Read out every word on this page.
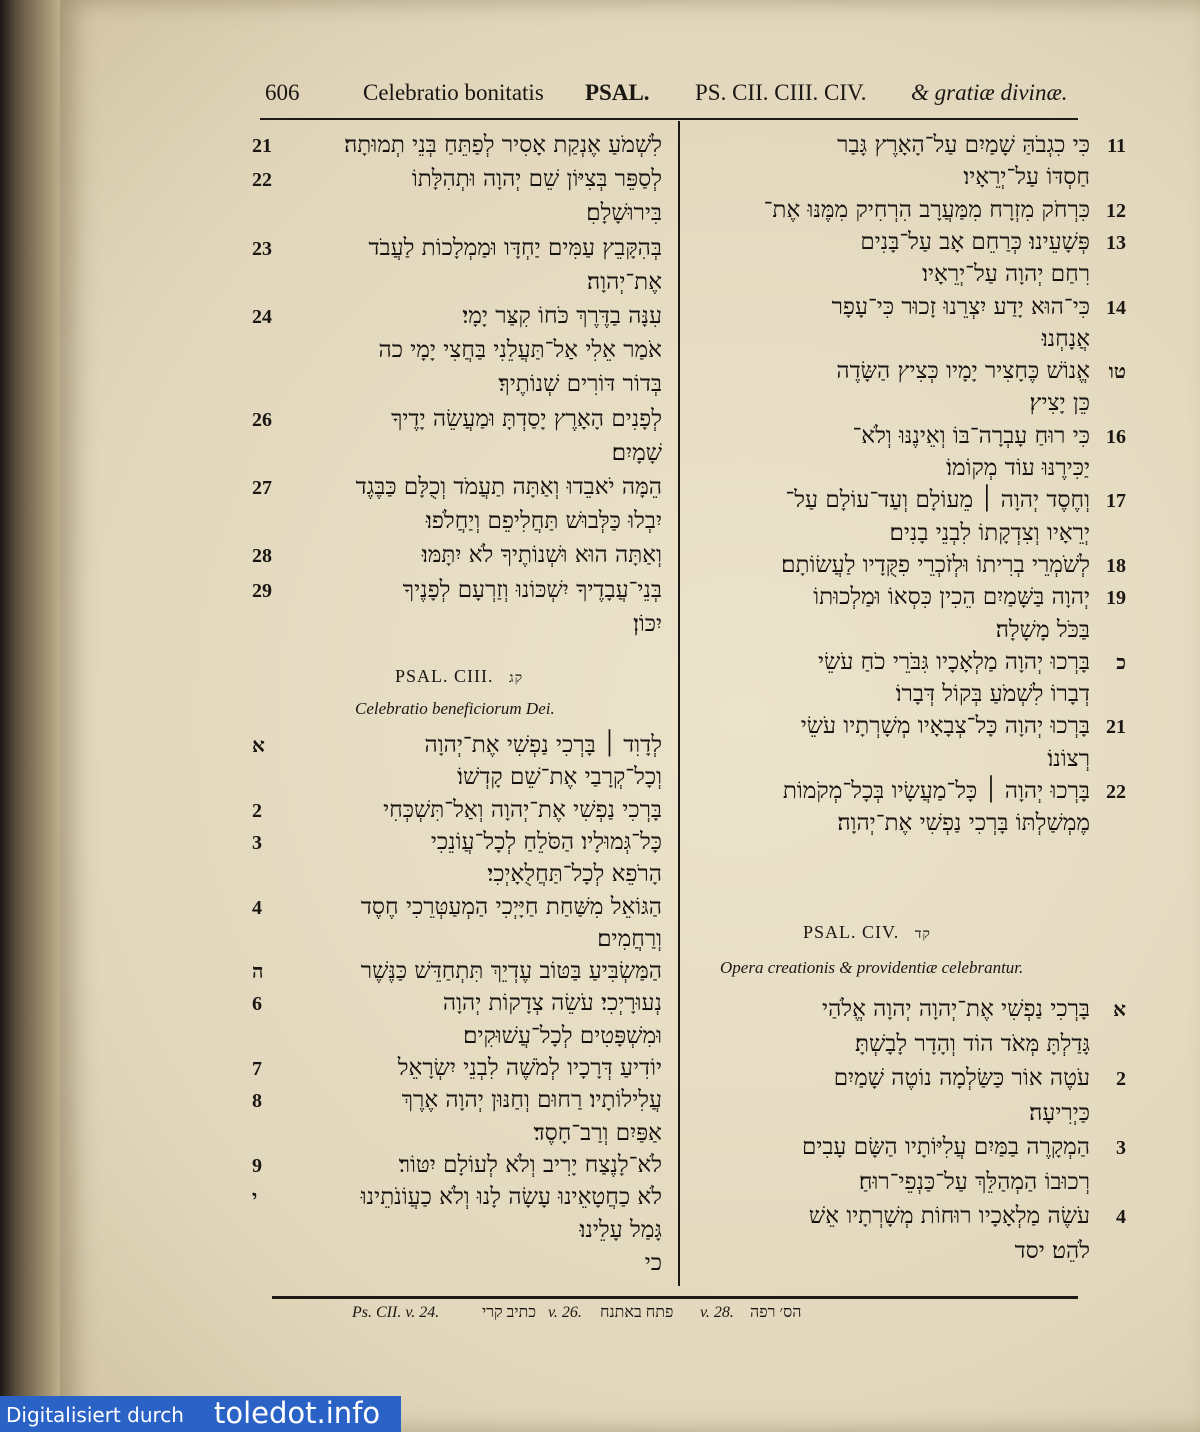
606	Celebratio bonitatis PSAL. PS. CII. CIII. CIV. & gratiæ divinæ.
לִשְׁמֹעַ אֶנְקַת אָסִיר לְפַתֵּחַ בְּנֵי תְמוּתָה׃
21
לְסַפֵּר בְּצִיּוֹן שֵׁם יְהוָה וּתְהִלָּתוֹ
22
בִּירוּשָׁלָםִ׃
בְּהִקָּבֵץ עַמִּים יַחְדָּו וּמַמְלָכוֹת לַעֲבֹד
23
אֶת־יְהוָה׃
עִנָּה בַדֶּרֶךְ כֹּחוֹ קִצַּר יָמָי׃
24
אֹמַר אֵלִי אַל־תַּעֲלֵנִי בַּחֲצִי יָמָי כה
בְּדוֹר דּוֹרִים שְׁנוֹתֶיךָ׃
לְפָנִים הָאָרֶץ יָסַדְתָּ וּמַעֲשֵׂה יָדֶיךָ
26
שָׁמָיִם׃
הֵמָּה יֹאבֵדוּ וְאַתָּה תַעֲמֹד וְכֻלָּם כַּבֶּגֶד
27
יִבְלוּ כַּלְּבוּשׁ תַּחֲלִיפֵם וְיַחֲלֹפוּ׃
וְאַתָּה הוּא וּשְׁנוֹתֶיךָ לֹא יִתָּמּוּ׃
28
בְּנֵי־עֲבָדֶיךָ יִשְׁכּוֹנוּ וְזַרְעָם לְפָנֶיךָ
29
יִכּוֹן׃
PSAL. CIII. קג
Celebratio beneficiorum Dei.
לְדָוִד ׀ בָּרְכִי נַפְשִׁי אֶת־יְהוָה
א
וְכָל־קְרָבַי אֶת־שֵׁם קָדְשׁוֹ׃
בָּרְכִי נַפְשִׁי אֶת־יְהוָה וְאַל־תִּשְׁכְּחִי
2
כָּל־גְּמוּלָיו׃ הַסֹּלֵחַ לְכָל־עֲוֹנֵכִי
3
הָרֹפֵא לְכָל־תַּחֲלֻאָיְכִי׃
הַגּוֹאֵל מִשַּׁחַת חַיָּיְכִי הַמְעַטְּרֵכִי חֶסֶד
4
וְרַחֲמִים׃
הַמַּשְׂבִּיעַ בַּטּוֹב עֶדְיֵךְ תִּתְחַדֵּשׁ כַּנֶּשֶׁר
ה
נְעוּרָיְכִי׃ עֹשֵׂה צְדָקוֹת יְהוָה
6
וּמִשְׁפָּטִים לְכָל־עֲשׁוּקִים׃
יוֹדִיעַ דְּרָכָיו לְמֹשֶׁה לִבְנֵי יִשְׂרָאֵל
7
עֲלִילוֹתָיו׃ רַחוּם וְחַנּוּן יְהוָה אֶרֶךְ
8
אַפַּיִם וְרַב־חָסֶד׃
לֹא־לָנֶצַח יָרִיב וְלֹא לְעוֹלָם יִטּוֹר׃
9
לֹא כַחֲטָאֵינוּ עָשָׂה לָנוּ וְלֹא כַעֲוֹנֹתֵינוּ
י
גָּמַל עָלֵינוּ׃
כי
כִּי כִגְבֹהַּ שָׁמַיִם עַל־הָאָרֶץ גָּבַר 11
חַסְדּוֹ עַל־יְרֵאָיו׃
כִּרְחֹק מִזְרָח מִמַּעֲרָב הִרְחִיק מִמֶּנּוּ אֶת־ 12
פְּשָׁעֵינוּ׃ כְּרַחֵם אָב עַל־בָּנִים 13
רִחַם יְהוָה עַל־יְרֵאָיו׃
כִּי־הוּא יָדַע יִצְרֵנוּ זָכוּר כִּי־עָפָר 14
אֲנָחְנוּ׃
אֱנוֹשׁ כֶּחָצִיר יָמָיו כְּצִיץ הַשָּׂדֶה טו
כֵּן יָצִיץ׃
כִּי רוּחַ עָבְרָה־בּוֹ וְאֵינֶנּוּ וְלֹא־ 16
יַכִּירֶנּוּ עוֹד מְקוֹמוֹ׃
וְחֶסֶד יְהוָה ׀ מֵעוֹלָם וְעַד־עוֹלָם עַל־ 17
יְרֵאָיו וְצִדְקָתוֹ לִבְנֵי בָנִים׃
לְשֹׁמְרֵי בְרִיתוֹ וּלְזֹכְרֵי פִקֻּדָיו לַעֲשׂוֹתָם׃ 18
יְהוָה בַּשָּׁמַיִם הֵכִין כִּסְאוֹ וּמַלְכוּתוֹ 19
בַּכֹּל מָשָׁלָה׃
בָּרְכוּ יְהוָה מַלְאָכָיו גִּבֹּרֵי כֹחַ עֹשֵׂי כ
דְבָרוֹ לִשְׁמֹעַ בְּקוֹל דְּבָרוֹ׃
בָּרְכוּ יְהוָה כָּל־צְבָאָיו מְשָׁרְתָיו עֹשֵׂי 21
רְצוֹנוֹ׃
בָּרְכוּ יְהוָה ׀ כָּל־מַעֲשָׂיו בְּכָל־מְקֹמוֹת 22
מֶמְשַׁלְתּוֹ בָּרְכִי נַפְשִׁי אֶת־יְהוָה׃
PSAL. CIV. קד
Opera creationis & providentiæ celebrantur.
בָּרְכִי נַפְשִׁי אֶת־יְהוָה יְהוָה אֱלֹהַי א
גָּדַלְתָּ מְּאֹד הוֹד וְהָדָר לָבָשְׁתָּ׃
עֹטֶה אוֹר כַּשַּׂלְמָה נוֹטֶה שָׁמַיִם 2
כַּיְרִיעָה׃
הַמְקָרֶה בַמַּיִם עֲלִיּוֹתָיו הַשָּׂם עָבִים 3
רְכוּבוֹ הַמְהַלֵּךְ עַל־כַּנְפֵי־רוּחַ׃
עֹשֶׂה מַלְאָכָיו רוּחוֹת מְשָׁרְתָיו אֵשׁ 4
לֹהֵט׃ יסד
Ps. CII. v. 24.	כתיב קרי v. 26. פתח באתנח v. 28. הס׳ רפה
Digitalisiert durch toledot.info
